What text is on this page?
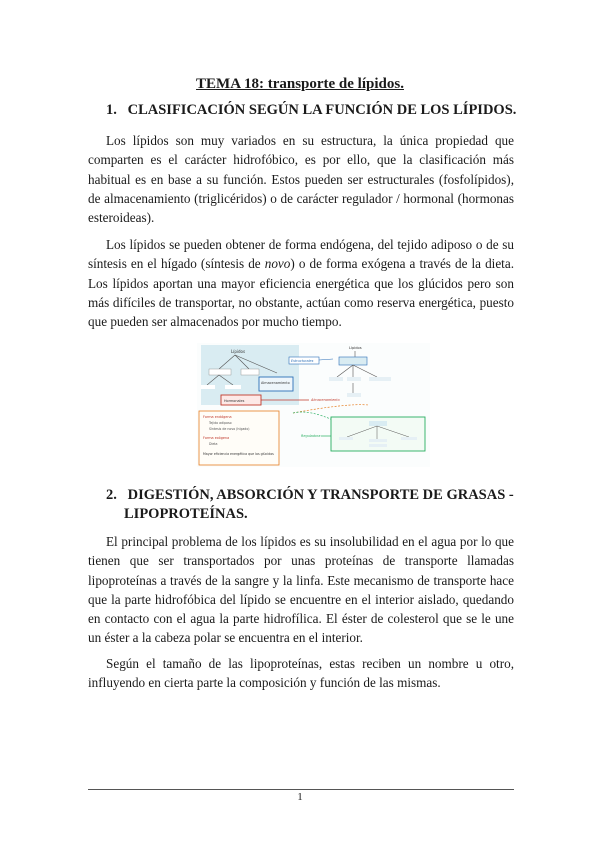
TEMA 18: transporte de lípidos.
1. CLASIFICACIÓN SEGÚN LA FUNCIÓN DE LOS LÍPIDOS.

Los lípidos son muy variados en su estructura, la única propiedad que comparten es el carácter hidrofóbico, es por ello, que la clasificación más habitual es en base a su función. Estos pueden ser estructurales (fosfolípidos), de almacenamiento (triglicéridos) o de carácter regulador / hormonal (hormonas esteroideas).

Los lípidos se pueden obtener de forma endógena, del tejido adiposo o de su síntesis en el hígado (síntesis de novo) o de forma exógena a través de la dieta. Los lípidos aportan una mayor eficiencia energética que los glúcidos pero son más difíciles de transportar, no obstante, actúan como reserva energética, puesto que pueden ser almacenados por mucho tiempo.

Lípidos
Almacenamiento
Hormonales	Almacenamiento
Estructurales
Lípidos
Forma endógena
Tejido adiposo
Síntesis de novo (hígado)
Forma exógena
Dieta
Mayor eficiencia energética que los glúcidos
Reguladora
2. DIGESTIÓN, ABSORCIÓN Y TRANSPORTE DE GRASAS -
LIPOPROTEÍNAS.

El principal problema de los lípidos es su insolubilidad en el agua por lo que tienen que ser transportados por unas proteínas de transporte llamadas lipoproteínas a través de la sangre y la linfa. Este mecanismo de transporte hace que la parte hidrofóbica del lípido se encuentre en el interior aislado, quedando en contacto con el agua la parte hidrofílica. El éster de colesterol que se le une un éster a la cabeza polar se encuentra en el interior.

Según el tamaño de las lipoproteínas, estas reciben un nombre u otro, influyendo en cierta parte la composición y función de las mismas.

1
